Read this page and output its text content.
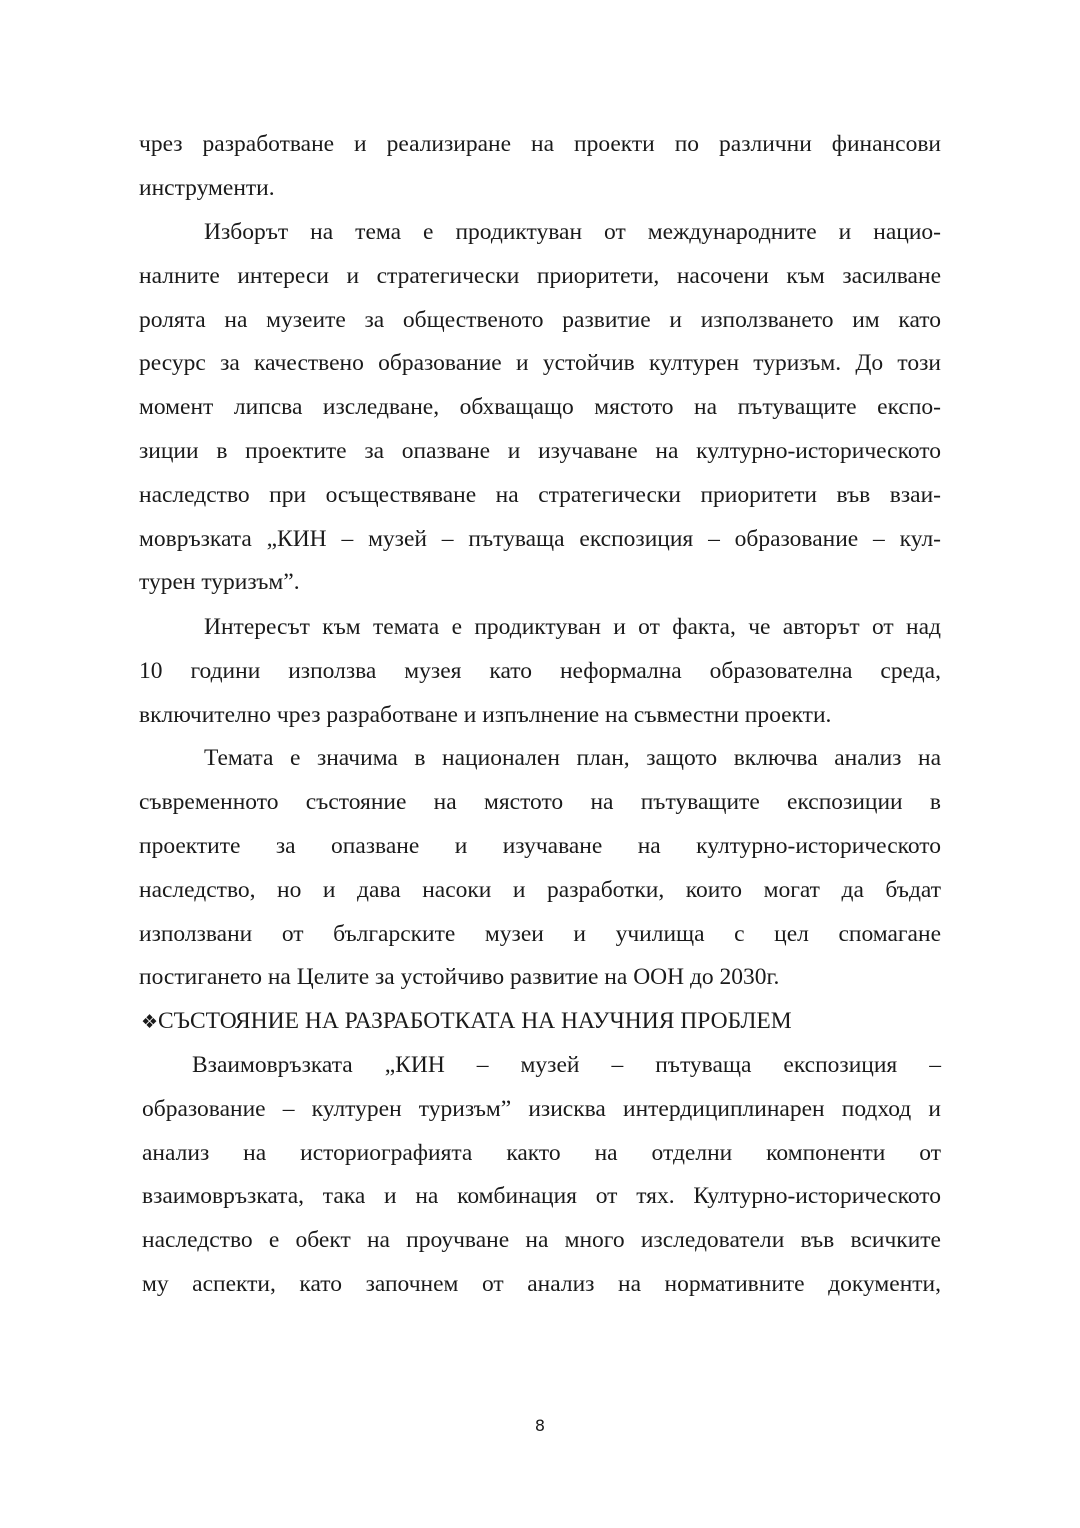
чрез разработване и реализиране на проекти по различни финансови
инструменти.
Изборът на тема е продиктуван от международните и нацио-
налните интереси и стратегически приоритети, насочени към засилване
ролята на музеите за общественото развитие и използването им като
ресурс за качествено образование и устойчив културен туризъм. До този
момент липсва изследване, обхващащо мястото на пътуващите експо-
зиции в проектите за опазване и изучаване на културно-историческото
наследство при осъществяване на стратегически приоритети във взаи-
мовръзката „КИН – музей – пътуваща експозиция – образование – кул-
турен туризъм”.
Интересът към темата е продиктуван и от факта, че авторът от над
10 години използва музея като неформална образователна среда,
включително чрез разработване и изпълнение на съвместни проекти.
Темата е значима в национален план, защото включва анализ на
съвременното състояние на мястото на пътуващите експозиции в
проектите за опазване и изучаване на културно-историческото
наследство, но и дава насоки и разработки, които могат да бъдат
използвани от българските музеи и училища с цел спомагане
постигането на Целите за устойчиво развитие на ООН до 2030г.
❖СЪСТОЯНИЕ НА РАЗРАБОТКАТА НА НАУЧНИЯ ПРОБЛЕМ
Взаимовръзката „КИН – музей – пътуваща експозиция –
образование – културен туризъм” изисква интердициплинарен подход и
анализ на историографията както на отделни компоненти от
взаимовръзката, така и на комбинация от тях. Културно-историческото
наследство е обект на проучване на много изследователи във всичките
му аспекти, като започнем от анализ на нормативните документи,
8
